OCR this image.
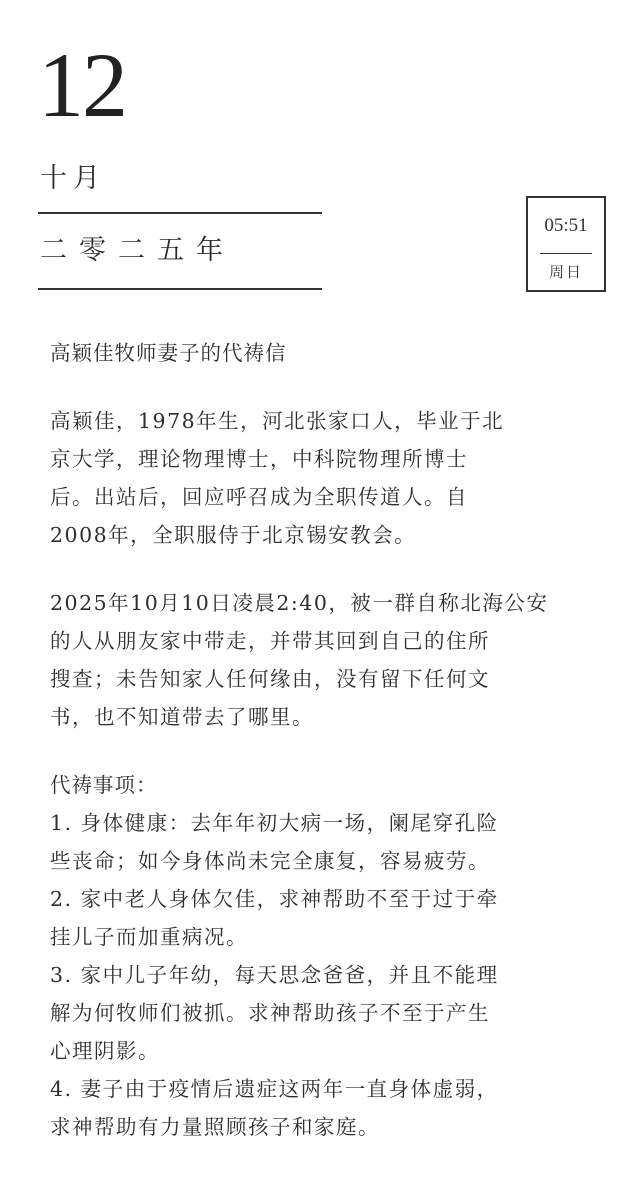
12
十月
二零二五年
05:51
周日

高颖佳牧师妻子的代祷信

高颖佳，1978年生，河北张家口人，毕业于北
京大学，理论物理博士，中科院物理所博士
后。出站后，回应呼召成为全职传道人。自
2008年，全职服侍于北京锡安教会。

2025年10月10日凌晨2:40，被一群自称北海公安
的人从朋友家中带走，并带其回到自己的住所
搜查；未告知家人任何缘由，没有留下任何文
书，也不知道带去了哪里。

代祷事项：

1. 身体健康：去年年初大病一场，阑尾穿孔险
些丧命；如今身体尚未完全康复，容易疲劳。

2. 家中老人身体欠佳，求神帮助不至于过于牵
挂儿子而加重病况。

3. 家中儿子年幼，每天思念爸爸，并且不能理
解为何牧师们被抓。求神帮助孩子不至于产生
心理阴影。

4. 妻子由于疫情后遗症这两年一直身体虚弱，
求神帮助有力量照顾孩子和家庭。
